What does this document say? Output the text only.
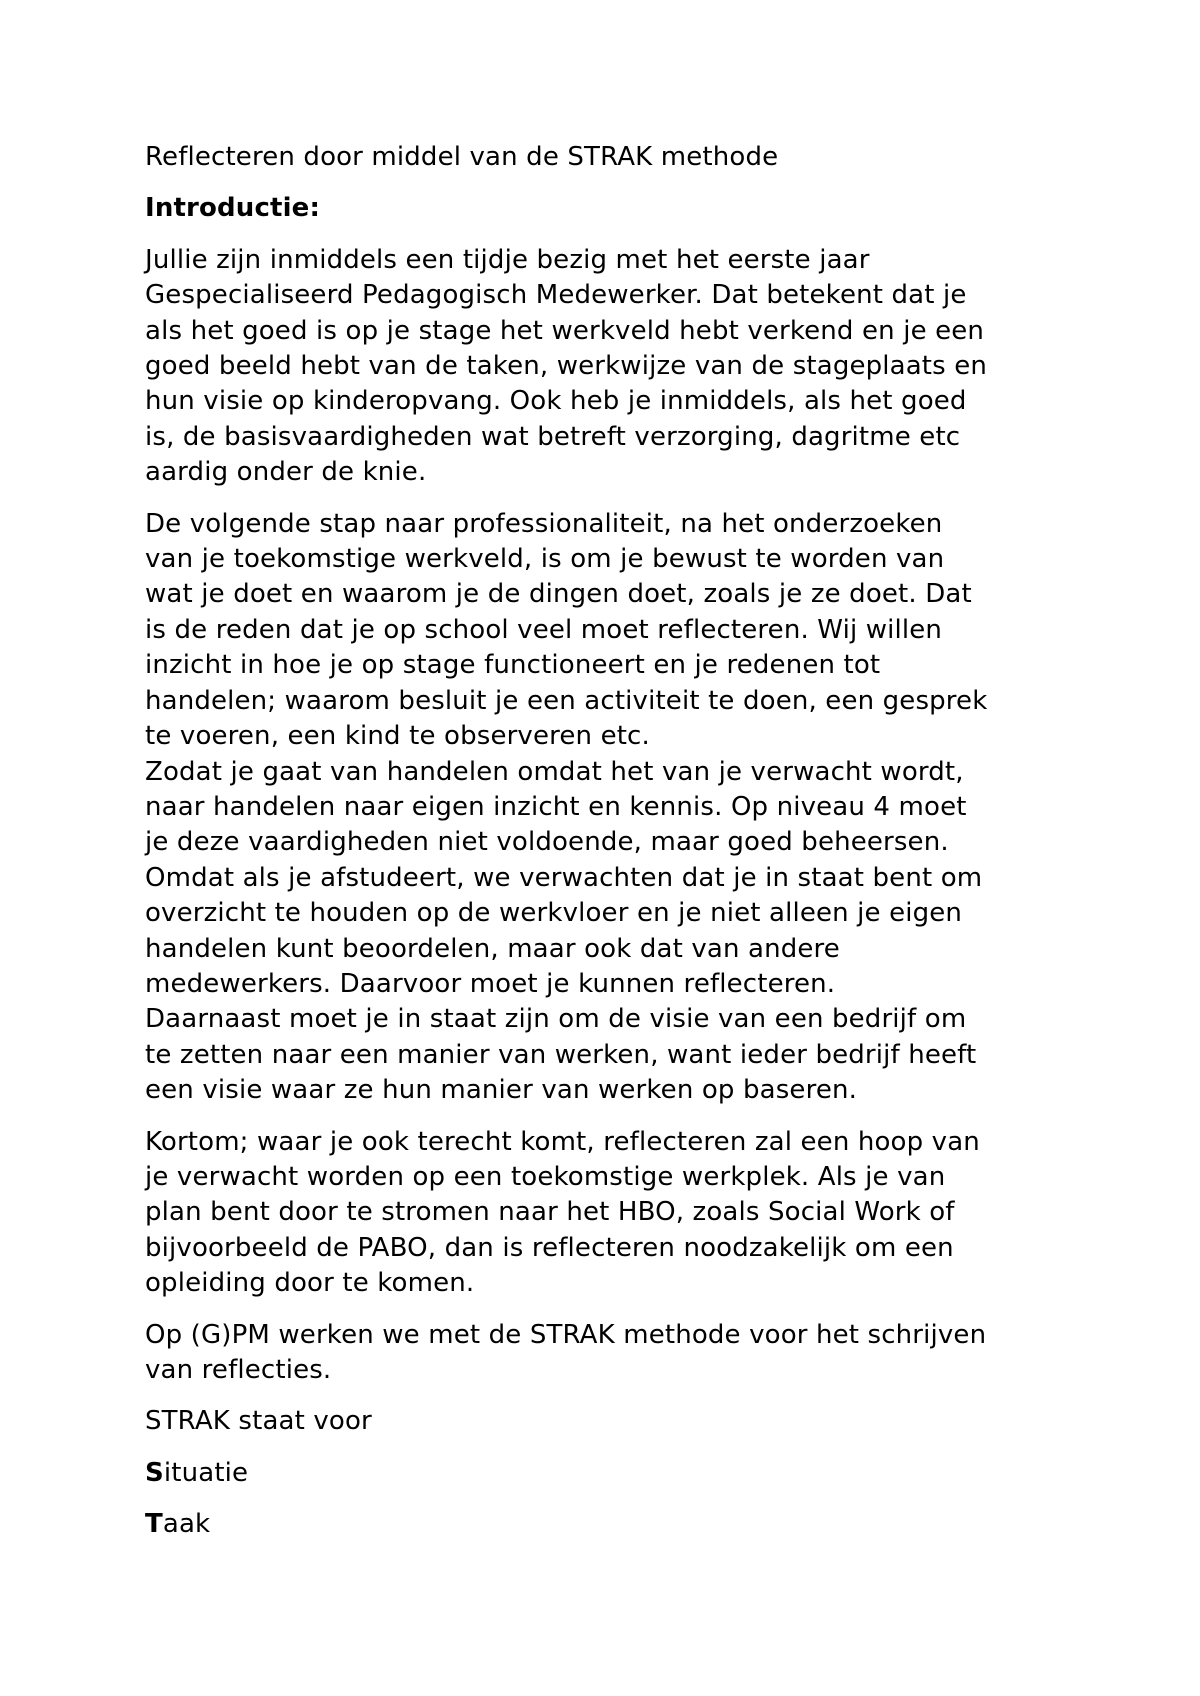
Reflecteren door middel van de STRAK methode

Introductie:

Jullie zijn inmiddels een tijdje bezig met het eerste jaar
Gespecialiseerd Pedagogisch Medewerker. Dat betekent dat je
als het goed is op je stage het werkveld hebt verkend en je een
goed beeld hebt van de taken, werkwijze van de stageplaats en
hun visie op kinderopvang. Ook heb je inmiddels, als het goed
is, de basisvaardigheden wat betreft verzorging, dagritme etc
aardig onder de knie.

De volgende stap naar professionaliteit, na het onderzoeken
van je toekomstige werkveld, is om je bewust te worden van
wat je doet en waarom je de dingen doet, zoals je ze doet. Dat
is de reden dat je op school veel moet reflecteren. Wij willen
inzicht in hoe je op stage functioneert en je redenen tot
handelen; waarom besluit je een activiteit te doen, een gesprek
te voeren, een kind te observeren etc.

Zodat je gaat van handelen omdat het van je verwacht wordt,
naar handelen naar eigen inzicht en kennis. Op niveau 4 moet
je deze vaardigheden niet voldoende, maar goed beheersen.
Omdat als je afstudeert, we verwachten dat je in staat bent om
overzicht te houden op de werkvloer en je niet alleen je eigen
handelen kunt beoordelen, maar ook dat van andere
medewerkers. Daarvoor moet je kunnen reflecteren.
Daarnaast moet je in staat zijn om de visie van een bedrijf om
te zetten naar een manier van werken, want ieder bedrijf heeft
een visie waar ze hun manier van werken op baseren.

Kortom; waar je ook terecht komt, reflecteren zal een hoop van
je verwacht worden op een toekomstige werkplek. Als je van
plan bent door te stromen naar het HBO, zoals Social Work of
bijvoorbeeld de PABO, dan is reflecteren noodzakelijk om een
opleiding door te komen.

Op (G)PM werken we met de STRAK methode voor het schrijven
van reflecties.

STRAK staat voor

Situatie

Taak
